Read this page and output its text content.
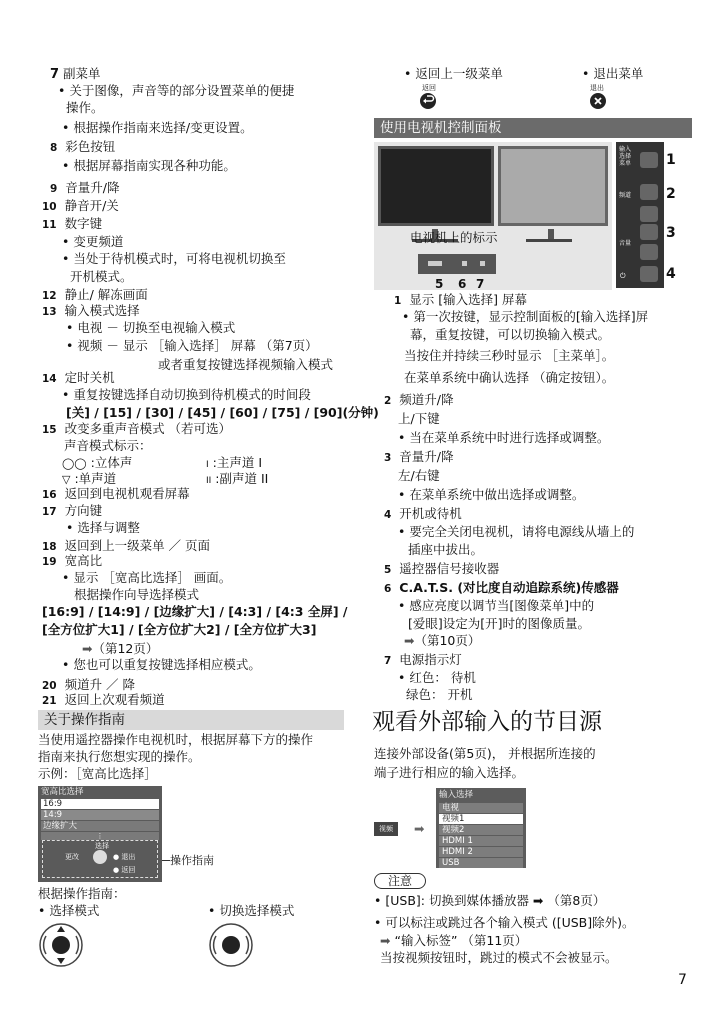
7 副菜单
• 关于图像，声音等的部分设置菜单的便捷
操作。
• 根据操作指南来选择/变更设置。
8 彩色按钮
• 根据屏幕指南实现各种功能。
9 音量升/降
10 静音开/关
11 数字键
• 变更频道
• 当处于待机模式时，可将电视机切换至
开机模式。
12 静止/ 解冻画面
13 输入模式选择
• 电视 － 切换至电视输入模式
• 视频 － 显示 ［输入选择］ 屏幕 （第7页）
或者重复按键选择视频输入模式
14 定时关机
• 重复按键选择自动切换到待机模式的时间段
[关] / [15] / [30] / [45] / [60] / [75] / [90](分钟)
15 改变多重声音模式 （若可选）
声音模式标示：
◯◯ :立体声	I :主声道 I
▽ :单声道	II :副声道 II
16 返回到电视机观看屏幕
17 方向键
• 选择与调整
18 返回到上一级菜单 ／ 页面
19 宽高比
• 显示 ［宽高比选择］ 画面。
根据操作向导选择模式
[16:9] / [14:9] / [边缘扩大] / [4:3] / [4:3 全屏] /
[全方位扩大1] / [全方位扩大2] / [全方位扩大3]
➡（第12页）
• 您也可以重复按键选择相应模式。
20 频道升 ／ 降
21 返回上次观看频道
关于操作指南
当使用遥控器操作电视机时，根据屏幕下方的操作
指南来执行您想实现的操作。
示例：［宽高比选择］
宽高比选择
16:9
14:9
边缘扩大
⋮
选择
更改	● 退出
● 返回
操作指南
根据操作指南：
• 选择模式	• 切换选择模式
• 返回上一级菜单
返回
• 退出菜单
退出
使用电视机控制面板
电视机上的标示
5 6 7
输入
选择
菜单
频道
音量
⏻
1
2
3
4
1 显示 [输入选择] 屏幕
• 第一次按键，显示控制面板的[输入选择]屏
幕，重复按键，可以切换输入模式。
当按住并持续三秒时显示 ［主菜单］。
在菜单系统中确认选择 （确定按钮）。
2 频道升/降
上/下键
• 当在菜单系统中时进行选择或调整。
3 音量升/降
左/右键
• 在菜单系统中做出选择或调整。
4 开机或待机
• 要完全关闭电视机，请将电源线从墙上的
插座中拔出。
5 遥控器信号接收器
6 C.A.T.S. (对比度自动追踪系统)传感器
• 感应亮度以调节当[图像菜单]中的
[爱眼]设定为[开]时的图像质量。
➡（第10页）
7 电源指示灯
• 红色： 待机
绿色： 开机
观看外部输入的节目源
连接外部设备(第5页)， 并根据所连接的
端子进行相应的输入选择。
视频	➡
输入选择
电视
视频1
视频2
HDMI 1
HDMI 2
USB
注意
• [USB]: 切换到媒体播放器 ➡ （第8页）
• 可以标注或跳过各个输入模式 ([USB]除外)。
➡ “输入标签” （第11页）
当按视频按钮时，跳过的模式不会被显示。
7
